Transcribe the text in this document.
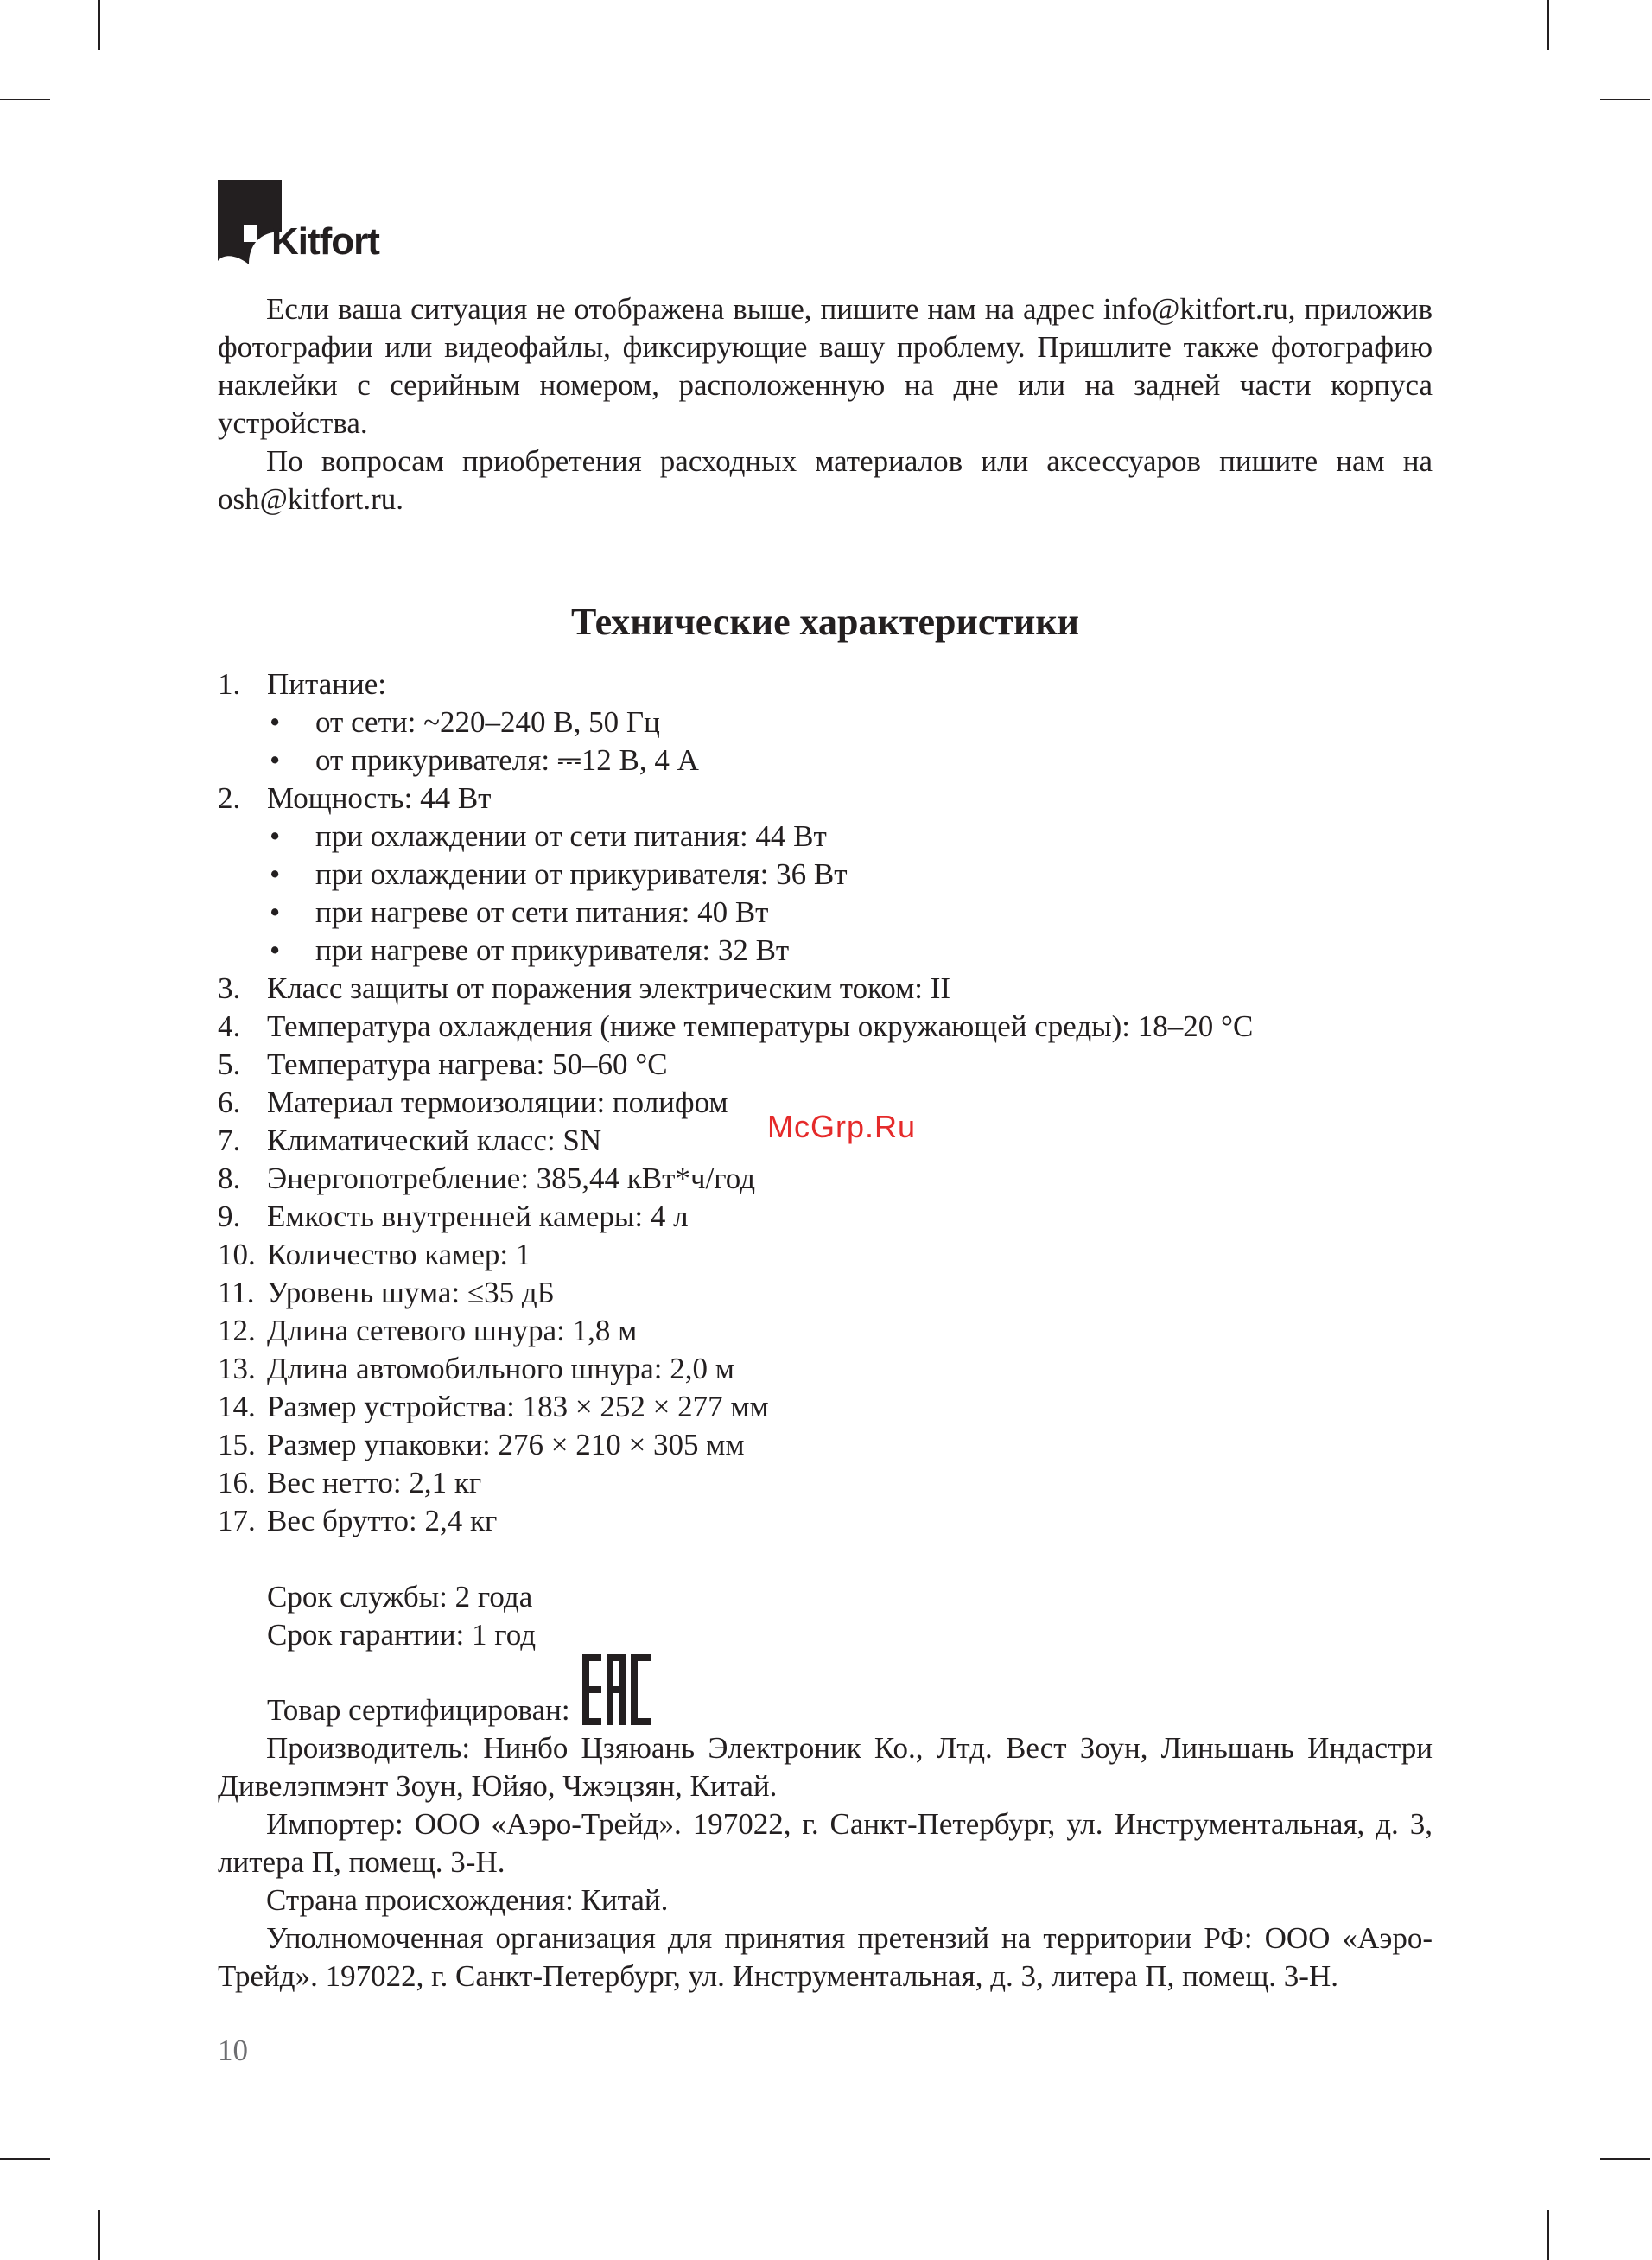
Kitfort

Если ваша ситуация не отображена выше, пишите нам на адрес info@kitfort.ru, приложив фотографии или видеофайлы, фиксирующие вашу проблему. Пришлите также фотографию наклейки с серийным номером, расположенную на дне или на задней части корпуса устройства.

По вопросам приобретения расходных материалов или аксессуаров пишите нам на osh@kitfort.ru.

Технические характеристики
1. Питание:
• от сети: ~220–240 В, 50 Гц
• от прикуривателя: ⎓12 В, 4 А
2. Мощность: 44 Вт
• при охлаждении от сети питания: 44 Вт
• при охлаждении от прикуривателя: 36 Вт
• при нагреве от сети питания: 40 Вт
• при нагреве от прикуривателя: 32 Вт
3. Класс защиты от поражения электрическим током: II
4. Температура охлаждения (ниже температуры окружающей среды): 18–20 °C
5. Температура нагрева: 50–60 °C
6. Материал термоизоляции: полифом
7. Климатический класс: SN
8. Энергопотребление: 385,44 кВт*ч/год
9. Емкость внутренней камеры: 4 л
10. Количество камер: 1
11. Уровень шума: ≤35 дБ
12. Длина сетевого шнура: 1,8 м
13. Длина автомобильного шнура: 2,0 м
14. Размер устройства: 183 × 252 × 277 мм
15. Размер упаковки: 276 × 210 × 305 мм
16. Вес нетто: 2,1 кг
17. Вес брутто: 2,4 кг
Срок службы: 2 года
Срок гарантии: 1 год
Товар сертифицирован:

Производитель: Нинбо Цзяюань Электроник Ко., Лтд. Вест Зоун, Линьшань Индастри Дивелэпмэнт Зоун, Юйяо, Чжэцзян, Китай.

Импортер: ООО «Аэро-Трейд». 197022, г. Санкт-Петербург, ул. Инструментальная, д. 3, литера П, помещ. 3-Н.

Страна происхождения: Китай.

Уполномоченная организация для принятия претензий на территории РФ: ООО «Аэро-Трейд». 197022, г. Санкт-Петербург, ул. Инструментальная, д. 3, литера П, помещ. 3-Н.

McGrp.Ru
10
